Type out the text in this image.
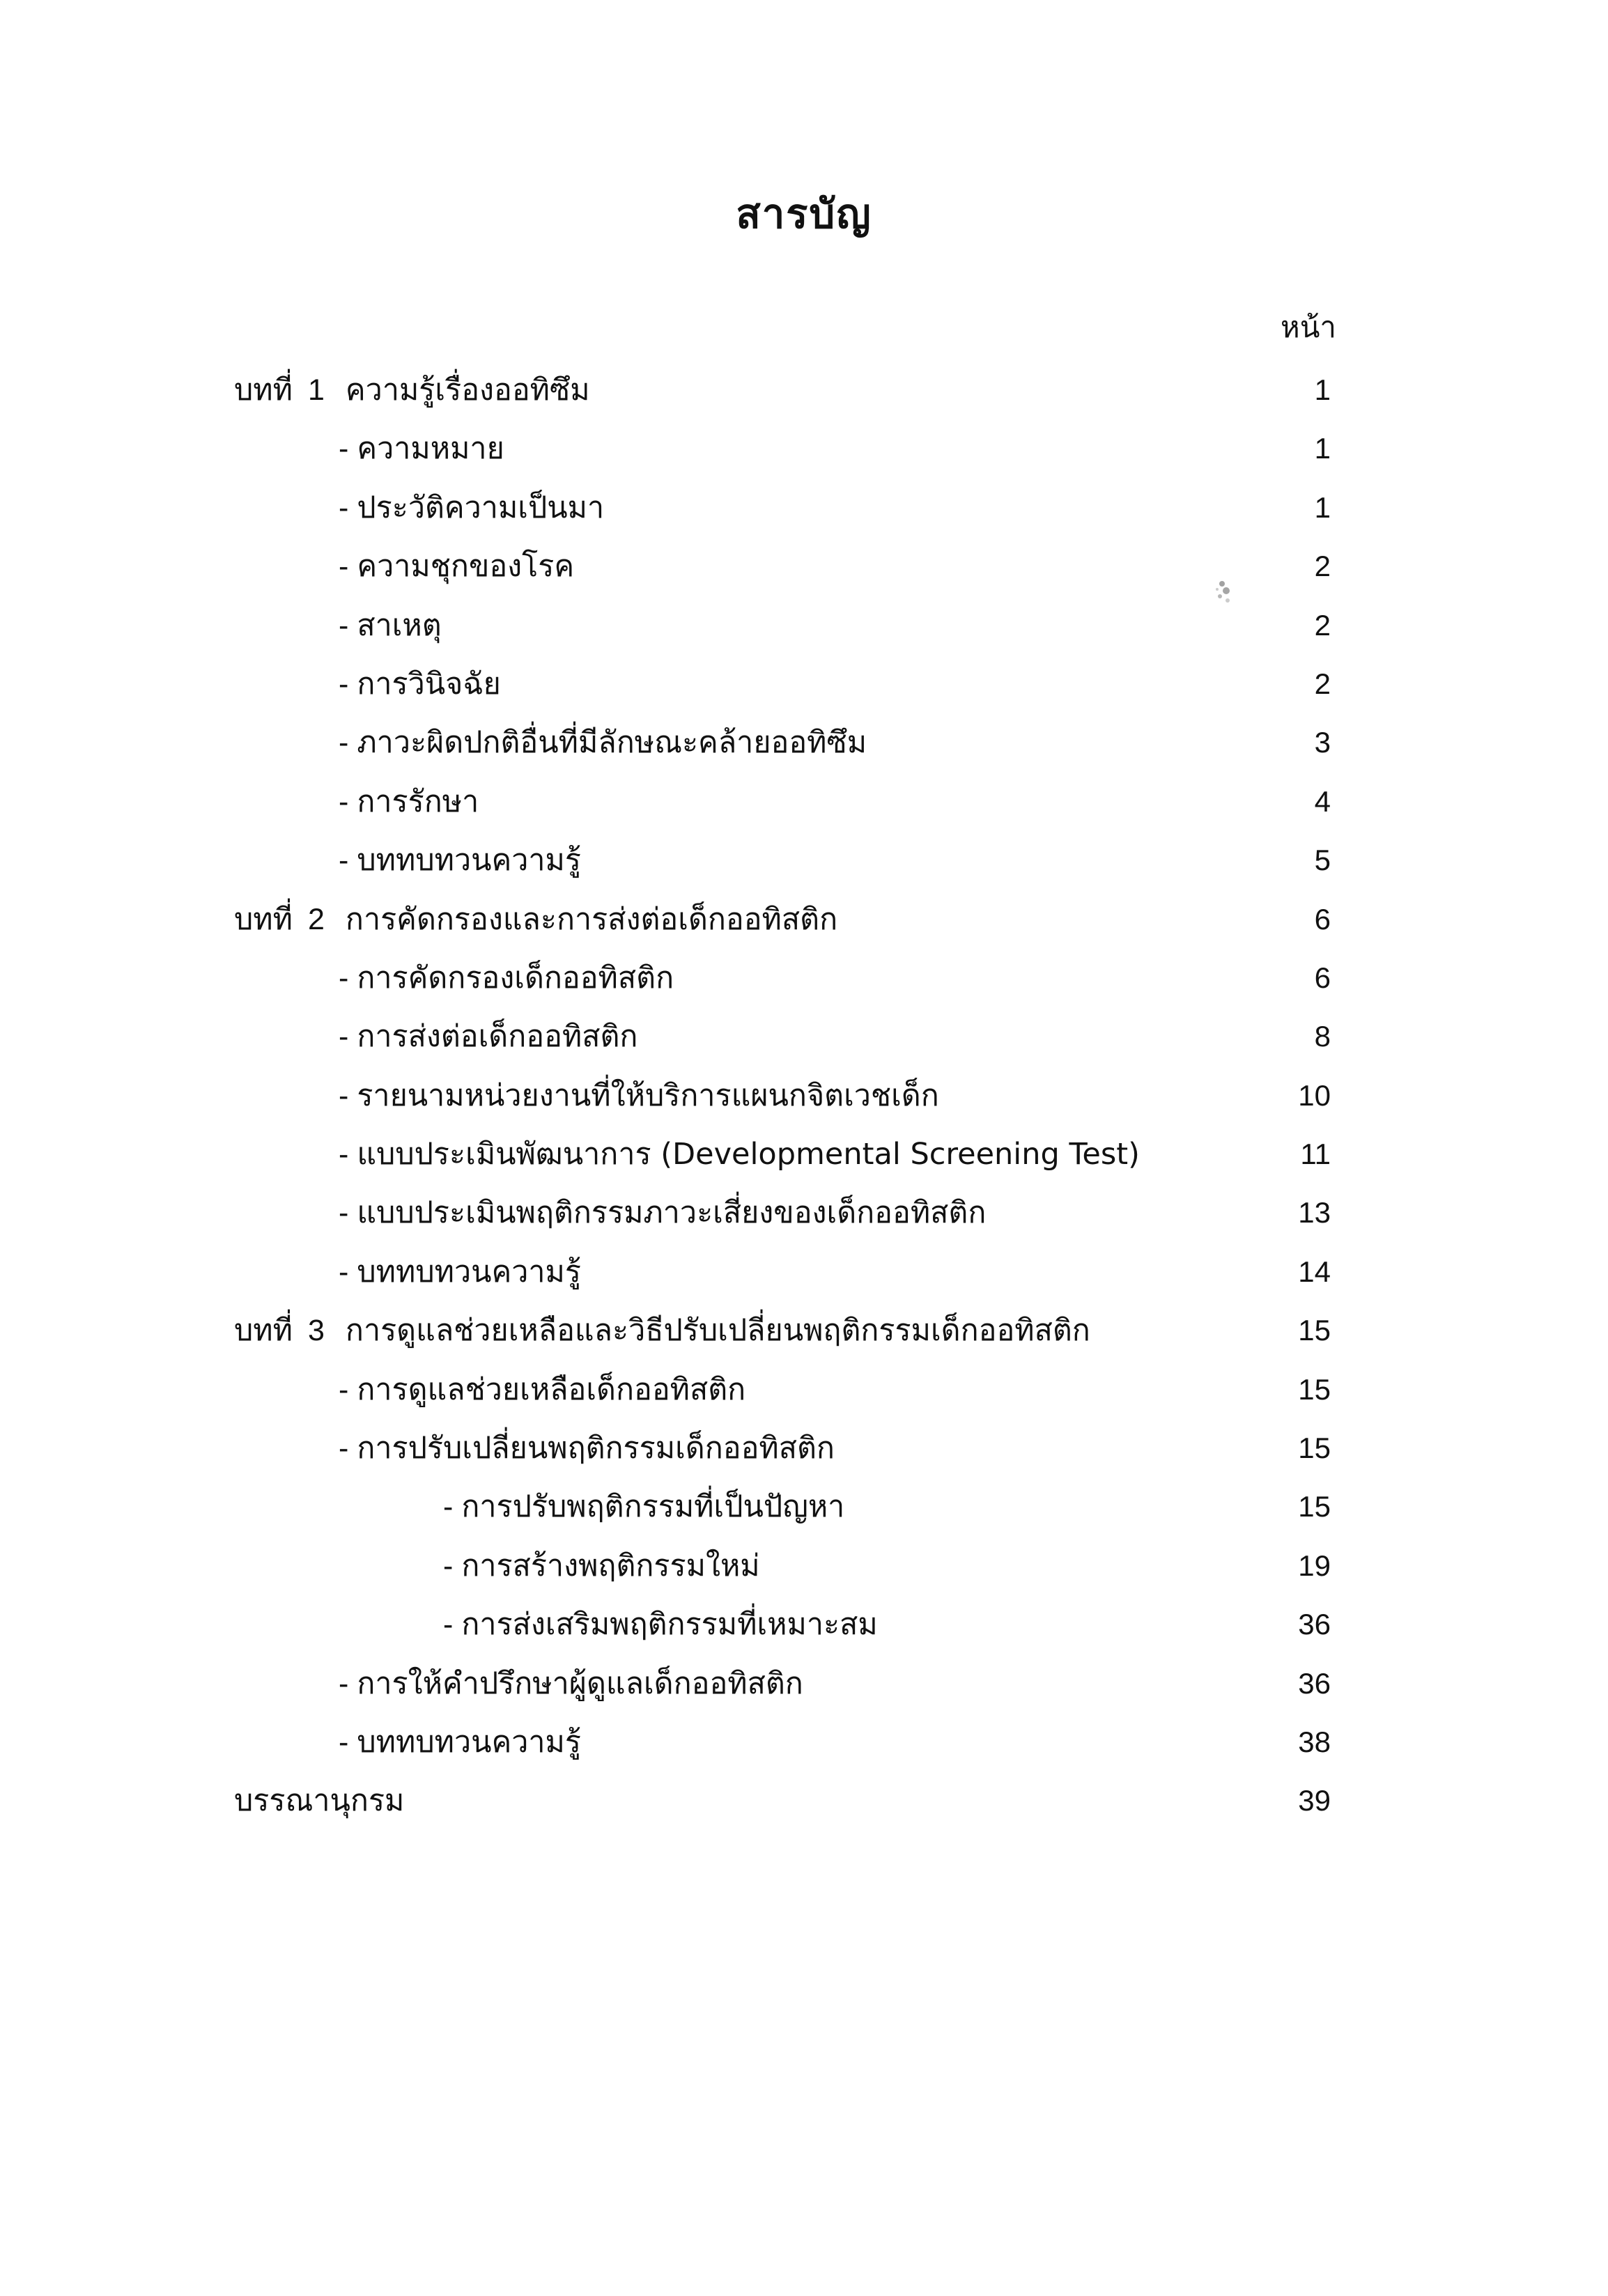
สารบัญ
หน้า
บทที่ 1 ความรู้เรื่องออทิซึม	1
- ความหมาย	1
- ประวัติความเป็นมา	1
- ความชุกของโรค	2
- สาเหตุ	2
- การวินิจฉัย	2
- ภาวะผิดปกติอื่นที่มีลักษณะคล้ายออทิซึม	3
- การรักษา	4
- บททบทวนความรู้	5
บทที่ 2 การคัดกรองและการส่งต่อเด็กออทิสติก	6
- การคัดกรองเด็กออทิสติก	6
- การส่งต่อเด็กออทิสติก	8
- รายนามหน่วยงานที่ให้บริการแผนกจิตเวชเด็ก	10
- แบบประเมินพัฒนาการ (Developmental Screening Test)	11
- แบบประเมินพฤติกรรมภาวะเสี่ยงของเด็กออทิสติก	13
- บททบทวนความรู้	14
บทที่ 3 การดูแลช่วยเหลือและวิธีปรับเปลี่ยนพฤติกรรมเด็กออทิสติก	15
- การดูแลช่วยเหลือเด็กออทิสติก	15
- การปรับเปลี่ยนพฤติกรรมเด็กออทิสติก	15
- การปรับพฤติกรรมที่เป็นปัญหา	15
- การสร้างพฤติกรรมใหม่	19
- การส่งเสริมพฤติกรรมที่เหมาะสม	36
- การให้คำปรึกษาผู้ดูแลเด็กออทิสติก	36
- บททบทวนความรู้	38
บรรณานุกรม	39
